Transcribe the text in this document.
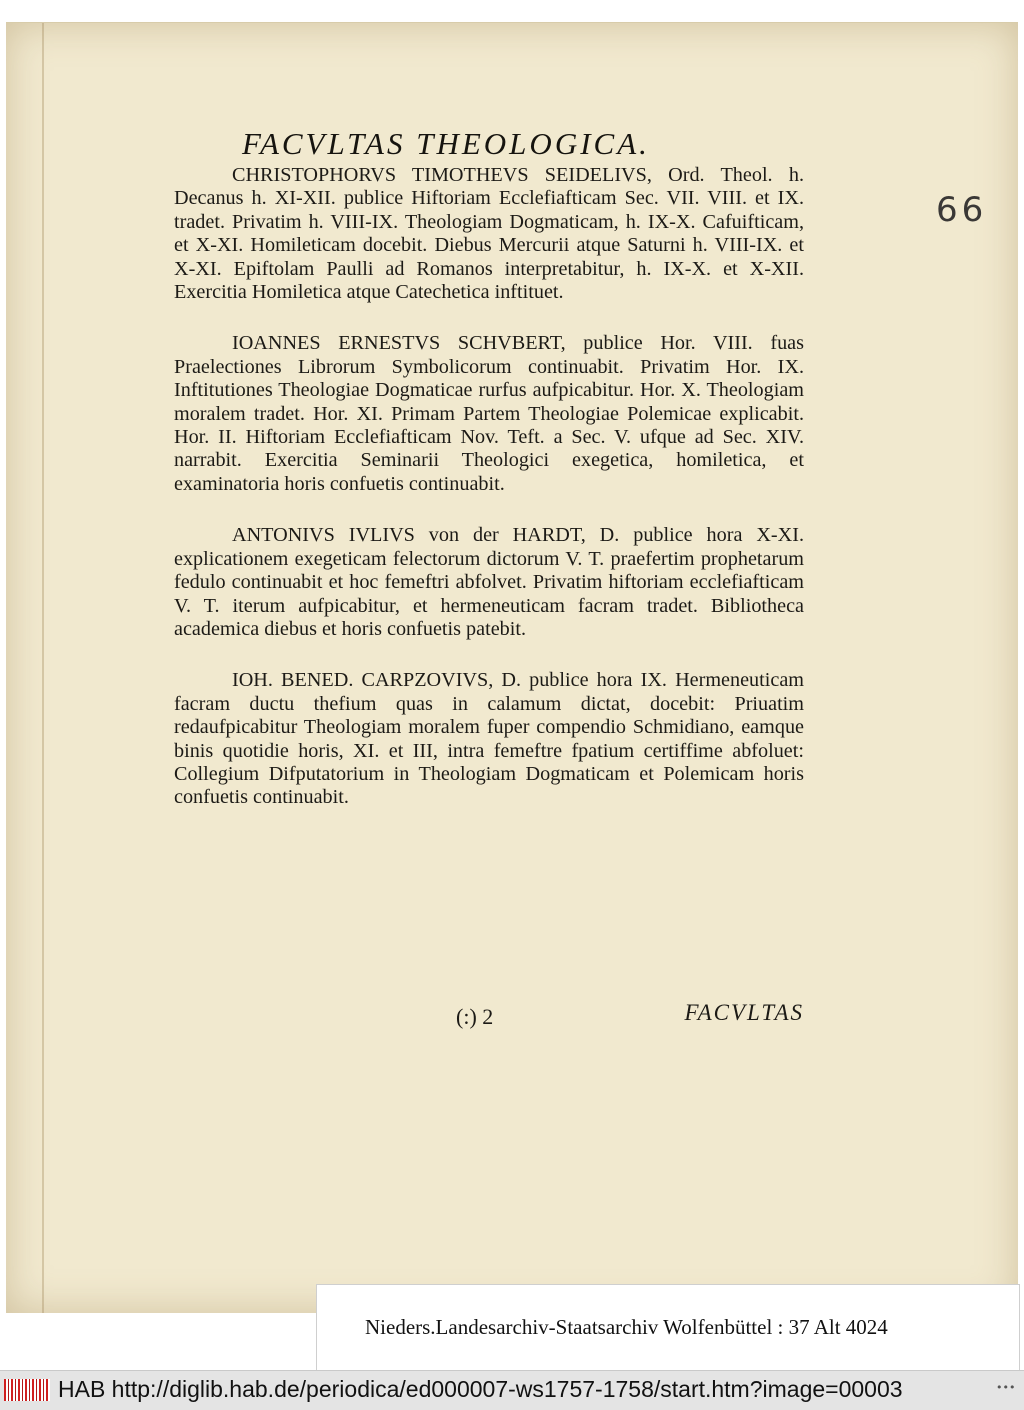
66
FACVLTAS THEOLOGICA.
CHRISTOPHORVS TIMOTHEVS SEIDELIVS, Ord. Theol. h. Decanus h. XI-XII. publice Hiftoriam Ecclefiafticam Sec. VII. VIII. et IX. tradet. Privatim h. VIII-IX. Theologiam Dogmaticam, h. IX-X. Cafuifticam, et X-XI. Homileticam docebit. Diebus Mercurii atque Saturni h. VIII-IX. et X-XI. Epiftolam Paulli ad Romanos interpretabitur, h. IX-X. et X-XII. Exercitia Homiletica atque Catechetica inftituet.
IOANNES ERNESTVS SCHVBERT, publice Hor. VIII. fuas Praelectiones Librorum Symbolicorum continuabit. Privatim Hor. IX. Inftitutiones Theologiae Dogmaticae rurfus aufpicabitur. Hor. X. Theologiam moralem tradet. Hor. XI. Primam Partem Theologiae Polemicae explicabit. Hor. II. Hiftoriam Ecclefiafticam Nov. Teft. a Sec. V. ufque ad Sec. XIV. narrabit. Exercitia Seminarii Theologici exegetica, homiletica, et examinatoria horis confuetis continuabit.
ANTONIVS IVLIVS von der HARDT, D. publice hora X-XI. explicationem exegeticam felectorum dictorum V. T. praefertim prophetarum fedulo continuabit et hoc femeftri abfolvet. Privatim hiftoriam ecclefiafticam V. T. iterum aufpicabitur, et hermeneuticam facram tradet. Bibliotheca academica diebus et horis confuetis patebit.
IOH. BENED. CARPZOVIVS, D. publice hora IX. Hermeneuticam facram ductu thefium quas in calamum dictat, docebit: Priuatim redaufpicabitur Theologiam moralem fuper compendio Schmidiano, eamque binis quotidie horis, XI. et III, intra femeftre fpatium certiffime abfoluet: Collegium Difputatorium in Theologiam Dogmaticam et Polemicam horis confuetis continuabit.
(:) 2	FACVLTAS
Nieders.Landesarchiv-Staatsarchiv Wolfenbüttel : 37 Alt 4024
HAB http://diglib.hab.de/periodica/ed000007-ws1757-1758/start.htm?image=00003	•••
